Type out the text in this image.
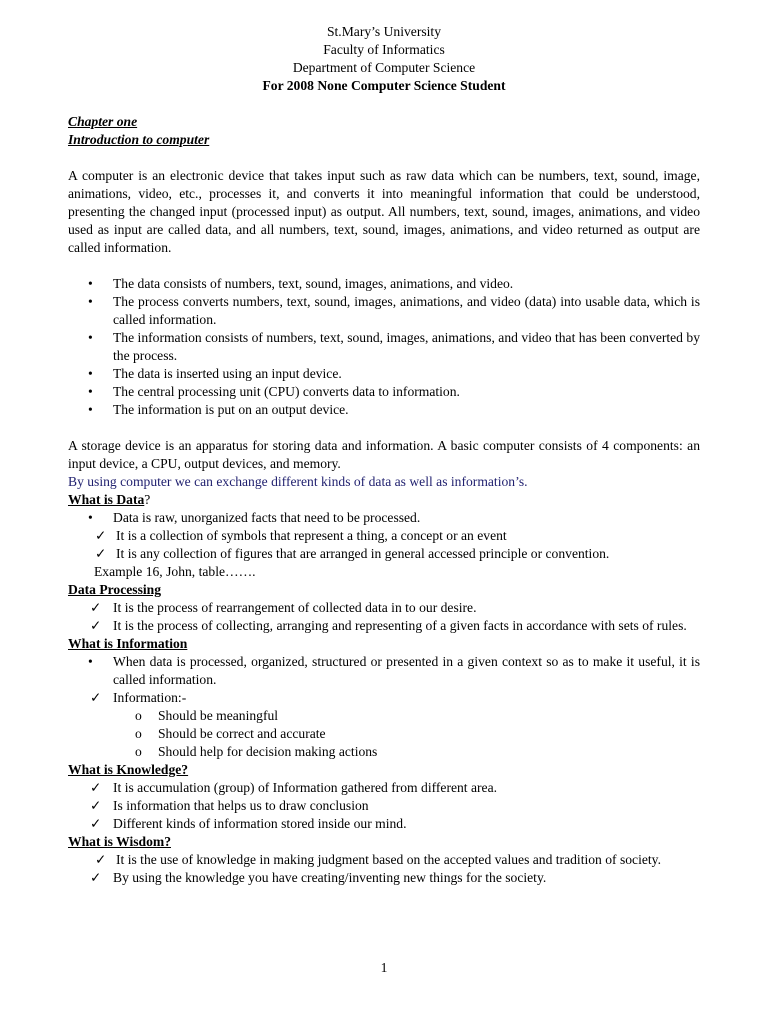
St.Mary’s University
Faculty of Informatics
Department of Computer Science
For 2008 None Computer Science Student
Chapter one
Introduction to computer
A computer is an electronic device that takes input such as raw data which can be numbers, text, sound, image, animations, video, etc., processes it, and converts it into meaningful information that could be understood, presenting the changed input (processed input) as output. All numbers, text, sound, images, animations, and video used as input are called data, and all numbers, text, sound, images, animations, and video returned as output are called information.
• The data consists of numbers, text, sound, images, animations, and video.
• The process converts numbers, text, sound, images, animations, and video (data) into usable data, which is called information.
• The information consists of numbers, text, sound, images, animations, and video that has been converted by the process.
• The data is inserted using an input device.
• The central processing unit (CPU) converts data to information.
• The information is put on an output device.
A storage device is an apparatus for storing data and information. A basic computer consists of 4 components: an input device, a CPU, output devices, and memory.
By using computer we can exchange different kinds of data as well as information’s.
What is Data?
• Data is raw, unorganized facts that need to be processed.
✓ It is a collection of symbols that represent a thing, a concept or an event
✓ It is any collection of figures that are arranged in general accessed principle or convention.
Example 16, John, table…….
Data Processing
✓ It is the process of rearrangement of collected data in to our desire.
✓ It is the process of collecting, arranging and representing of a given facts in accordance with sets of rules.
What is Information
• When data is processed, organized, structured or presented in a given context so as to make it useful, it is called information.
✓ Information:-
o Should be meaningful
o Should be correct and accurate
o Should help for decision making actions
What is Knowledge?
✓ It is accumulation (group) of Information gathered from different area.
✓ Is information that helps us to draw conclusion
✓ Different kinds of information stored inside our mind.
What is Wisdom?
✓ It is the use of knowledge in making judgment based on the accepted values and tradition of society.
✓ By using the knowledge you have creating/inventing new things for the society.
1
